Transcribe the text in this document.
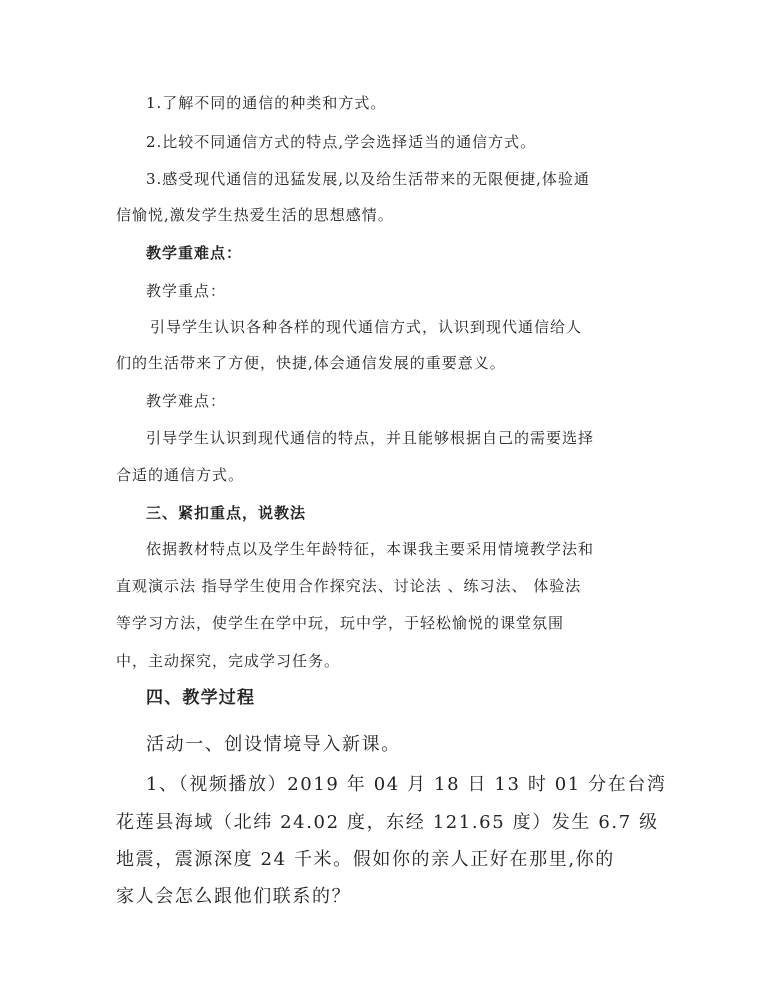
1.了解不同的通信的种类和方式。
2.比较不同通信方式的特点,学会选择适当的通信方式。
3.感受现代通信的迅猛发展,以及给生活带来的无限便捷,体验通
信愉悦,激发学生热爱生活的思想感情。
教学重难点：
教学重点：
引导学生认识各种各样的现代通信方式，认识到现代通信给人
们的生活带来了方便，快捷,体会通信发展的重要意义。
教学难点：
引导学生认识到现代通信的特点，并且能够根据自己的需要选择
合适的通信方式。
三、紧扣重点，说教法
依据教材特点以及学生年龄特征，本课我主要采用情境教学法和
直观演示法 指导学生使用合作探究法、讨论法 、练习法、 体验法
等学习方法，使学生在学中玩，玩中学，于轻松愉悦的课堂氛围
中，主动探究，完成学习任务。
四、教学过程
活动一、创设情境导入新课。
1、（视频播放）2019 年 04 月 18 日 13 时 01 分在台湾
花莲县海域（北纬 24.02 度，东经 121.65 度）发生 6.7 级
地震，震源深度 24 千米。假如你的亲人正好在那里,你的
家人会怎么跟他们联系的？
